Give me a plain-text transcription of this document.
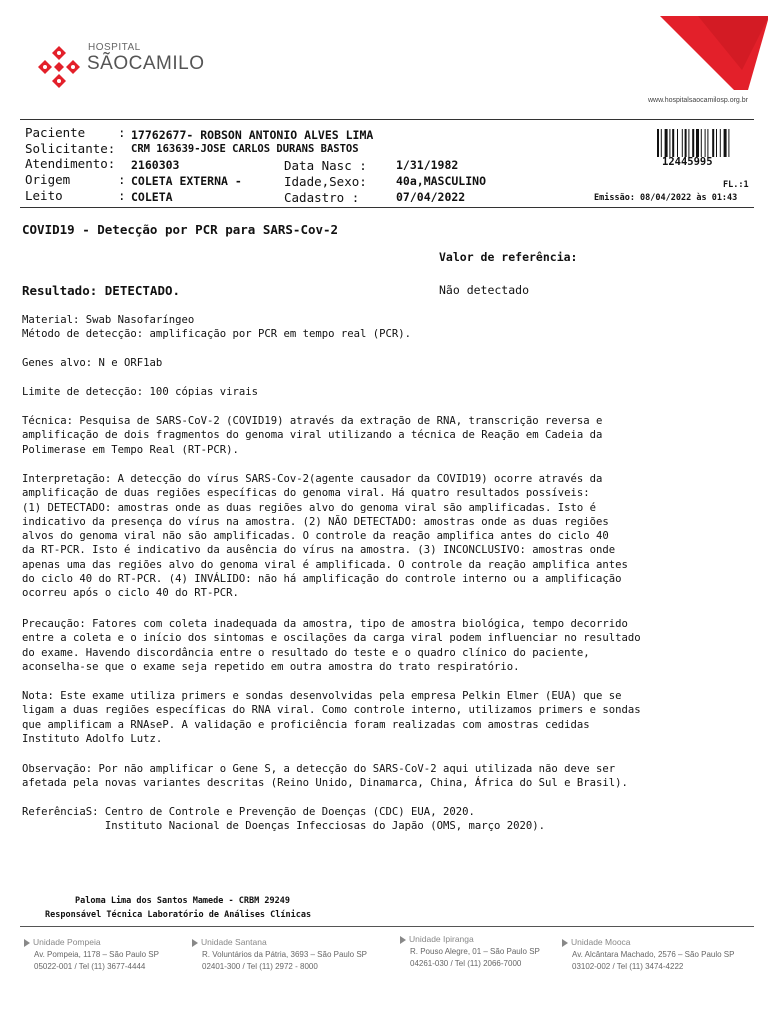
HOSPITAL
SÃOCAMILO
www.hospitalsaocamilosp.org.br
Paciente	: 17762677- ROBSON ANTONIO ALVES LIMA
Solicitante: CRM 163639-JOSE CARLOS DURANS BASTOS
Atendimento: 2160303
Origem	: COLETA EXTERNA -
Leito	: COLETA
Data Nasc :	1/31/1982
Idade,Sexo:	40a,MASCULINO
Cadastro :	07/04/2022
12445995
FL.:1
Emissão: 08/04/2022 às 01:43
COVID19 - Detecção por PCR para SARS-Cov-2
Valor de referência:
Resultado: DETECTADO.	Não detectado
Material: Swab Nasofaríngeo
Método de detecção: amplificação por PCR em tempo real (PCR).
Genes alvo: N e ORF1ab
Limite de detecção: 100 cópias virais
Técnica: Pesquisa de SARS-CoV-2 (COVID19) através da extração de RNA, transcrição reversa e
amplificação de dois fragmentos do genoma viral utilizando a técnica de Reação em Cadeia da
Polimerase em Tempo Real (RT-PCR).
Interpretação: A detecção do vírus SARS-Cov-2(agente causador da COVID19) ocorre através da
amplificação de duas regiões específicas do genoma viral. Há quatro resultados possíveis:
(1) DETECTADO: amostras onde as duas regiões alvo do genoma viral são amplificadas. Isto é
indicativo da presença do vírus na amostra. (2) NÃO DETECTADO: amostras onde as duas regiões
alvos do genoma viral não são amplificadas. O controle da reação amplifica antes do ciclo 40
da RT-PCR. Isto é indicativo da ausência do vírus na amostra. (3) INCONCLUSIVO: amostras onde
apenas uma das regiões alvo do genoma viral é amplificada. O controle da reação amplifica antes
do ciclo 40 do RT-PCR. (4) INVÁLIDO: não há amplificação do controle interno ou a amplificação
ocorreu após o ciclo 40 do RT-PCR.
Precaução: Fatores com coleta inadequada da amostra, tipo de amostra biológica, tempo decorrido
entre a coleta e o início dos sintomas e oscilações da carga viral podem influenciar no resultado
do exame. Havendo discordância entre o resultado do teste e o quadro clínico do paciente,
aconselha-se que o exame seja repetido em outra amostra do trato respiratório.
Nota: Este exame utiliza primers e sondas desenvolvidas pela empresa Pelkin Elmer (EUA) que se
ligam a duas regiões específicas do RNA viral. Como controle interno, utilizamos primers e sondas
que amplificam a RNAseP. A validação e proficiência foram realizadas com amostras cedidas
Instituto Adolfo Lutz.
Observação: Por não amplificar o Gene S, a detecção do SARS-CoV-2 aqui utilizada não deve ser
afetada pela novas variantes descritas (Reino Unido, Dinamarca, China, África do Sul e Brasil).
ReferênciaS: Centro de Controle e Prevenção de Doenças (CDC) EUA, 2020.
Instituto Nacional de Doenças Infecciosas do Japão (OMS, março 2020).
Paloma Lima dos Santos Mamede - CRBM 29249
Responsável Técnica Laboratório de Análises Clínicas
Unidade Pompeia
Av. Pompeia, 1178 – São Paulo SP
05022-001 / Tel (11) 3677-4444
Unidade Santana
R. Voluntários da Pátria, 3693 – São Paulo SP
02401-300 / Tel (11) 2972 - 8000
Unidade Ipiranga
R. Pouso Alegre, 01 – São Paulo SP
04261-030 / Tel (11) 2066-7000
Unidade Mooca
Av. Alcântara Machado, 2576 – São Paulo SP
03102-002 / Tel (11) 3474-4222
